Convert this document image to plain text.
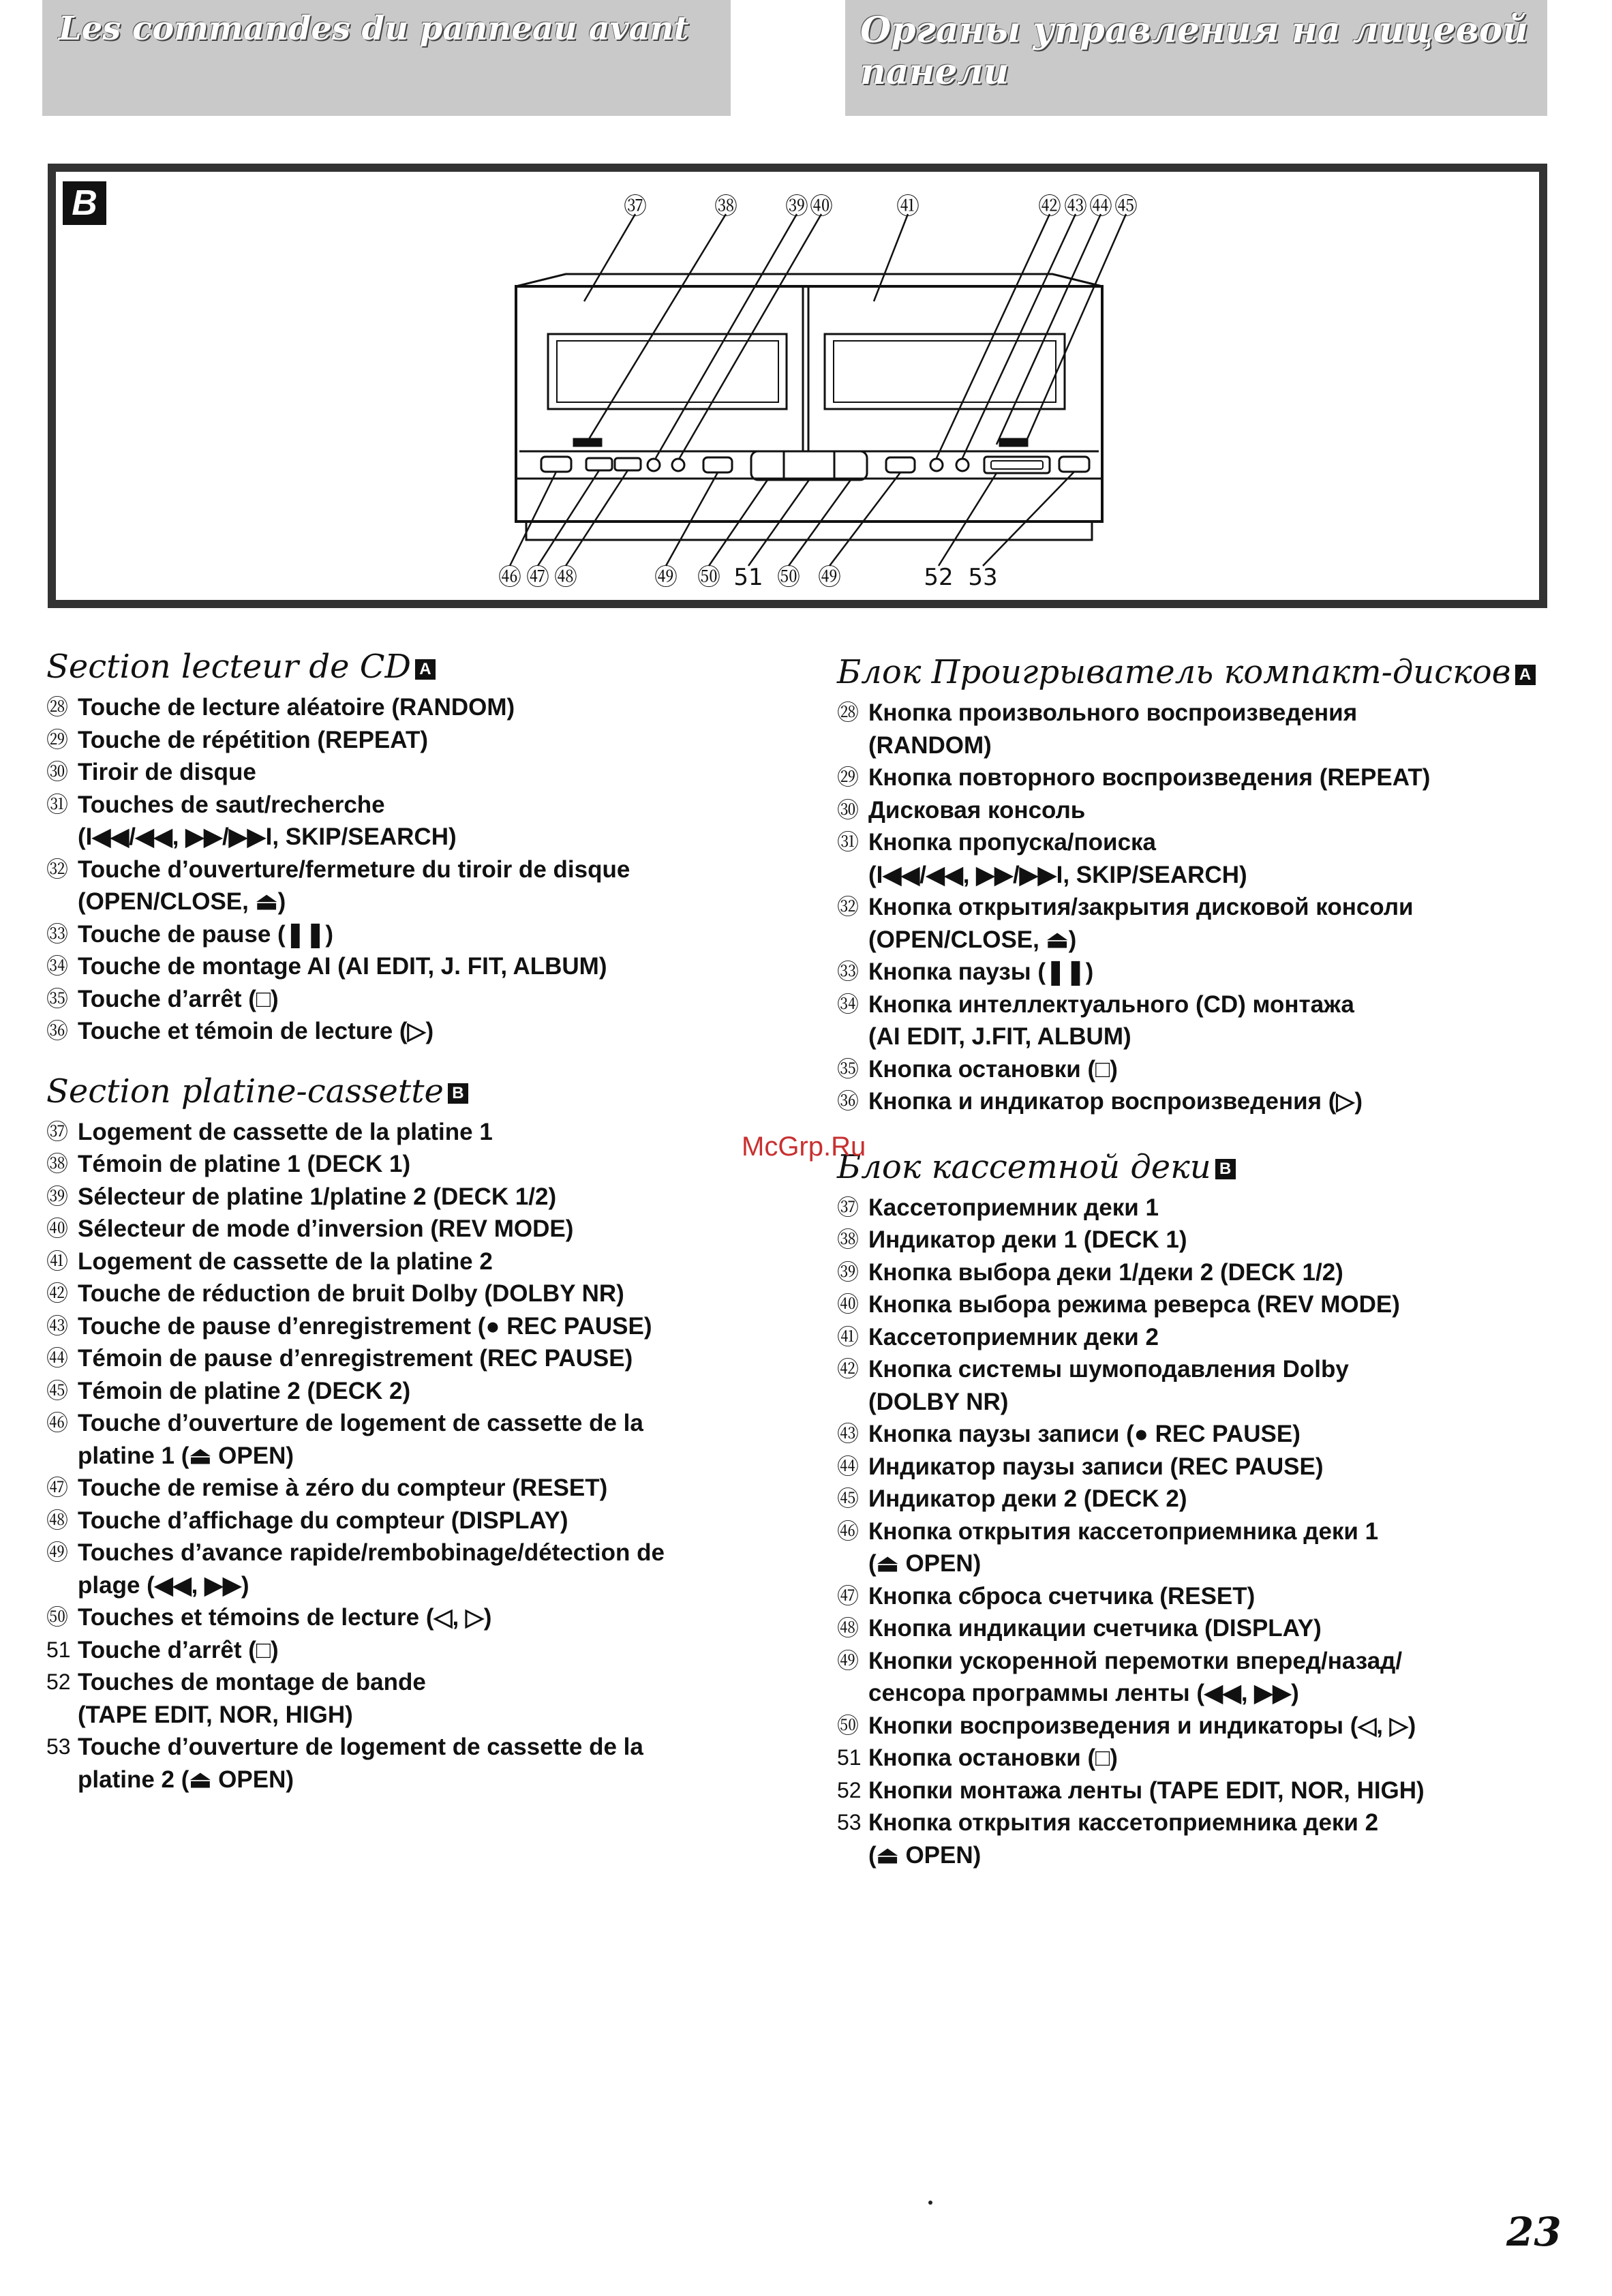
Les commandes du panneau avant	Органы управления на лицевой панели
B	㊲	㊳ ㊴ ㊵	㊶	㊷ ㊸ ㊹ ㊺
㊻ ㊼ ㊽	㊾ ㊿ 51 ㊿ ㊾	52 53
Section lecteur de CD A
㉘ Touche de lecture aléatoire (RANDOM)
㉙ Touche de répétition (REPEAT)
㉚ Tiroir de disque
㉛ Touches de saut/recherche
(I◀◀/◀◀, ▶▶/▶▶I, SKIP/SEARCH)
㉜ Touche d’ouverture/fermeture du tiroir de disque
(OPEN/CLOSE, ⏏)
㉝ Touche de pause (❚❚)
㉞ Touche de montage AI (AI EDIT, J. FIT, ALBUM)
㉟ Touche d’arrêt (□)
㊱ Touche et témoin de lecture (▷)
Section platine-cassette B
㊲ Logement de cassette de la platine 1
㊳ Témoin de platine 1 (DECK 1)
㊴ Sélecteur de platine 1/platine 2 (DECK 1/2)
㊵ Sélecteur de mode d’inversion (REV MODE)
㊶ Logement de cassette de la platine 2
㊷ Touche de réduction de bruit Dolby (DOLBY NR)
㊸ Touche de pause d’enregistrement (● REC PAUSE)
㊹ Témoin de pause d’enregistrement (REC PAUSE)
㊺ Témoin de platine 2 (DECK 2)
㊻ Touche d’ouverture de logement de cassette de la
platine 1 (⏏ OPEN)
㊼ Touche de remise à zéro du compteur (RESET)
㊽ Touche d’affichage du compteur (DISPLAY)
㊾ Touches d’avance rapide/rembobinage/détection de
plage (◀◀, ▶▶)
㊿ Touches et témoins de lecture (◁, ▷)
51 Touche d’arrêt (□)
52 Touches de montage de bande
(TAPE EDIT, NOR, HIGH)
53 Touche d’ouverture de logement de cassette de la
platine 2 (⏏ OPEN)
Блок Проигрыватель компакт-дисков A
㉘ Кнопка произвольного воспроизведения
(RANDOM)
㉙ Кнопка повторного воспроизведения (REPEAT)
㉚ Дисковая консоль
㉛ Кнопка пропуска/поиска
(I◀◀/◀◀, ▶▶/▶▶I, SKIP/SEARCH)
㉜ Кнопка открытия/закрытия дисковой консоли
(OPEN/CLOSE, ⏏)
㉝ Кнопка паузы (❚❚)
㉞ Кнопка интеллектуального (CD) монтажа
(AI EDIT, J.FIT, ALBUM)
㉟ Кнопка остановки (□)
㊱ Кнопка и индикатор воспроизведения (▷)
Блок кассетной деки B
㊲ Кассетоприемник деки 1
㊳ Индикатор деки 1 (DECK 1)
㊴ Кнопка выбора деки 1/деки 2 (DECK 1/2)
㊵ Кнопка выбора режима реверса (REV MODE)
㊶ Кассетоприемник деки 2
㊷ Кнопка системы шумоподавления Dolby
(DOLBY NR)
㊸ Кнопка паузы записи (● REC PAUSE)
㊹ Индикатор паузы записи (REC PAUSE)
㊺ Индикатор деки 2 (DECK 2)
㊻ Кнопка открытия кассетоприемника деки 1
(⏏ OPEN)
㊼ Кнопка сброса счетчика (RESET)
㊽ Кнопка индикации счетчика (DISPLAY)
㊾ Кнопки ускоренной перемотки вперед/назад/
сенсора программы ленты (◀◀, ▶▶)
㊿ Кнопки воспроизведения и индикаторы (◁, ▷)
51 Кнопка остановки (□)
52 Кнопки монтажа ленты (TAPE EDIT, NOR, HIGH)
53 Кнопка открытия кассетоприемника деки 2
(⏏ OPEN)
McGrp.Ru
23
